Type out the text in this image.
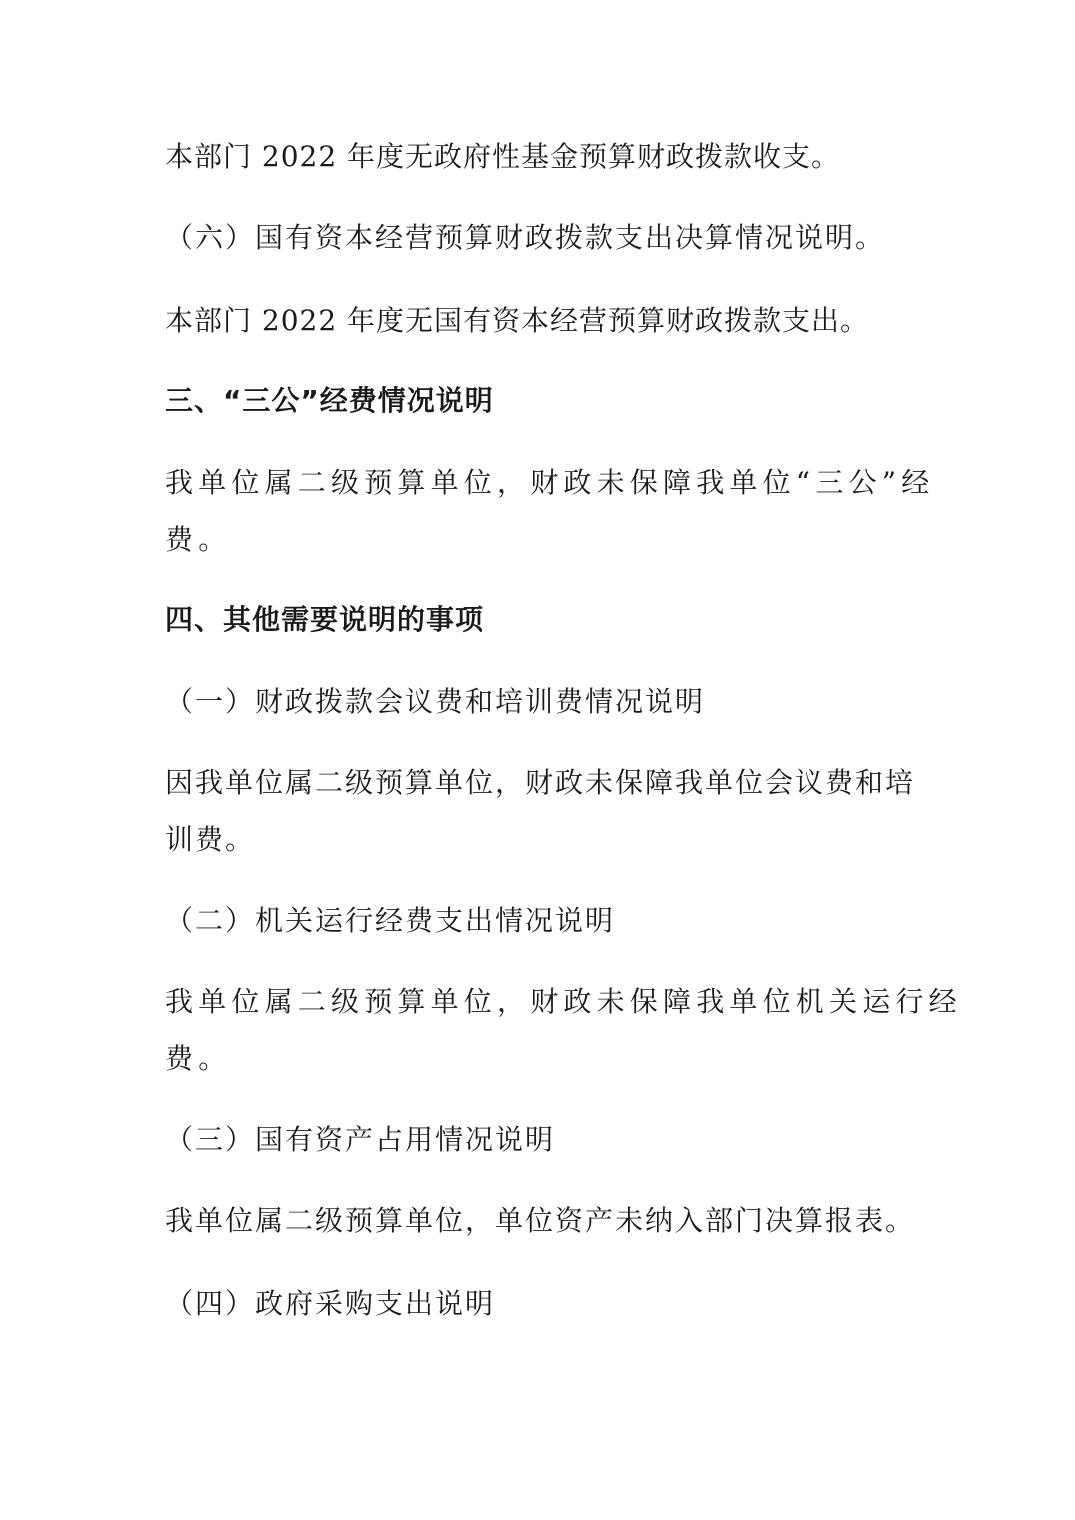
本部门 2022 年度无政府性基金预算财政拨款收支。
（六）国有资本经营预算财政拨款支出决算情况说明。
本部门 2022 年度无国有资本经营预算财政拨款支出。
三、“三公”经费情况说明
我单位属二级预算单位，财政未保障我单位“三公”经
费。
四、其他需要说明的事项
（一）财政拨款会议费和培训费情况说明
因我单位属二级预算单位，财政未保障我单位会议费和培
训费。
（二）机关运行经费支出情况说明
我单位属二级预算单位，财政未保障我单位机关运行经
费。
（三）国有资产占用情况说明
我单位属二级预算单位，单位资产未纳入部门决算报表。
（四）政府采购支出说明
